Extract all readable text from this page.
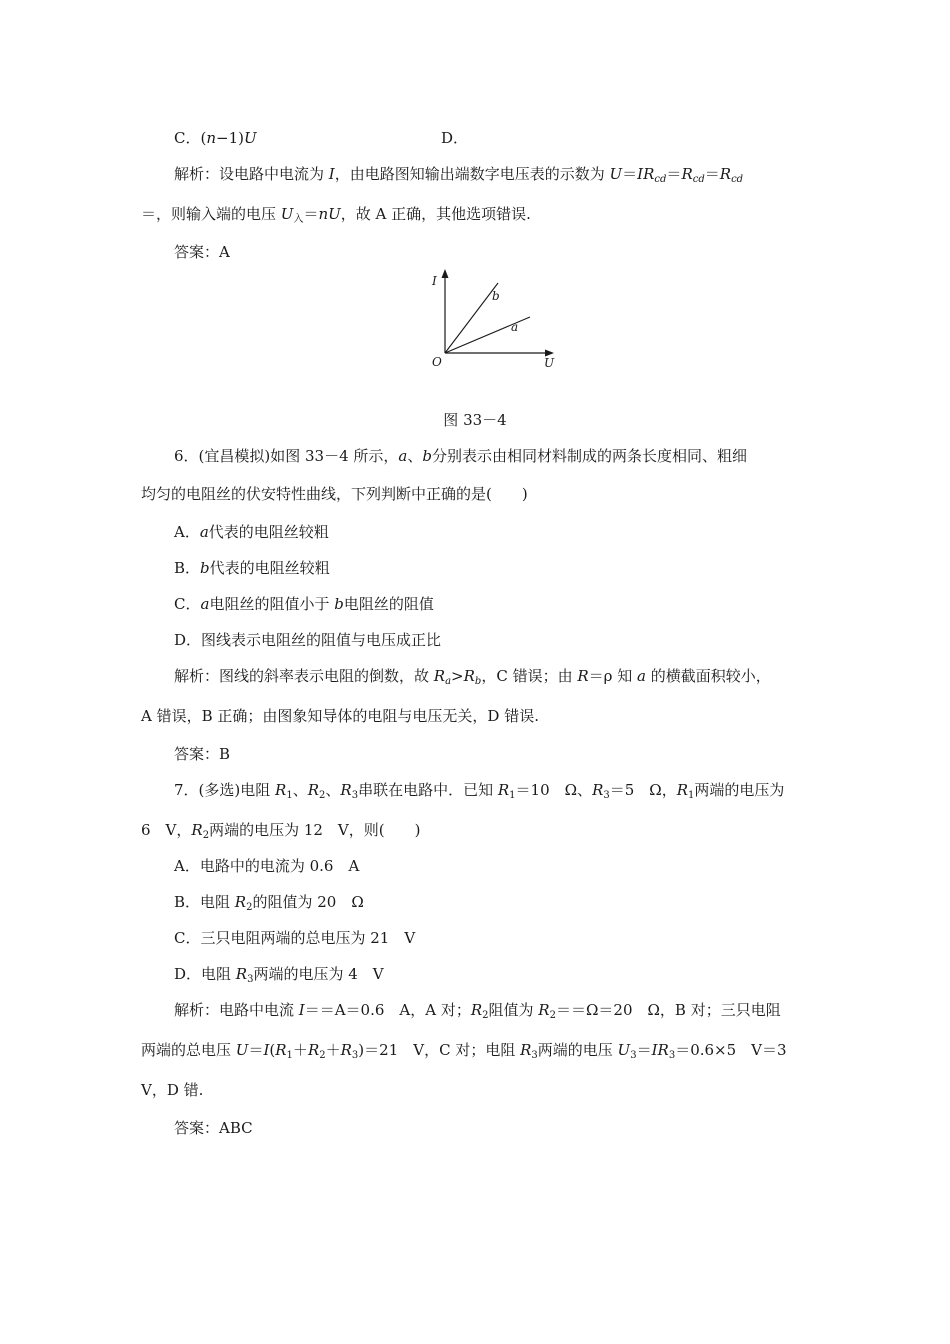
C．(n−1)U	D．
解析：设电路中电流为 I，由电路图知输出端数字电压表的示数为 $U=IR_{cd}=R_{cd}=R_{cd}$
＝，则输入端的电压 $U_入=nU$，故 A 正确，其他选项错误.
答案：A
I
b
a
O	U
图 33－4
6．(宜昌模拟)如图 33－4 所示，a、b分别表示由相同材料制成的两条长度相同、粗细
均匀的电阻丝的伏安特性曲线，下列判断中正确的是(　　)
A．a代表的电阻丝较粗
B．b代表的电阻丝较粗
C．a电阻丝的阻值小于 b电阻丝的阻值
D．图线表示电阻丝的阻值与电压成正比
解析：图线的斜率表示电阻的倒数，故 $R_a>R_b$，C 错误；由 R＝ρ 知 a 的横截面积较小，
A 错误，B 正确；由图象知导体的电阻与电压无关，D 错误.
答案：B
7．(多选)电阻 $R_1$、$R_2$、$R_3$串联在电路中．已知 $R_1=10$　Ω、$R_3=5$　Ω，$R_1$两端的电压为
6　V，$R_2$两端的电压为 12　V，则(　　)
A．电路中的电流为 0.6　A
B．电阻 $R_2$的阻值为 20　Ω
C．三只电阻两端的总电压为 21　V
D．电阻 $R_3$两端的电压为 4　V
解析：电路中电流 I＝＝A＝0.6　A，A 对；$R_2$阻值为 $R_2==\Omega=20$　Ω，B 对；三只电阻
两端的总电压 $U=I(R_1+R_2+R_3)=21$　V，C 对；电阻 $R_3$两端的电压 $U_3=IR_3=0.6\times 5$　V＝3
V，D 错.
答案：ABC
